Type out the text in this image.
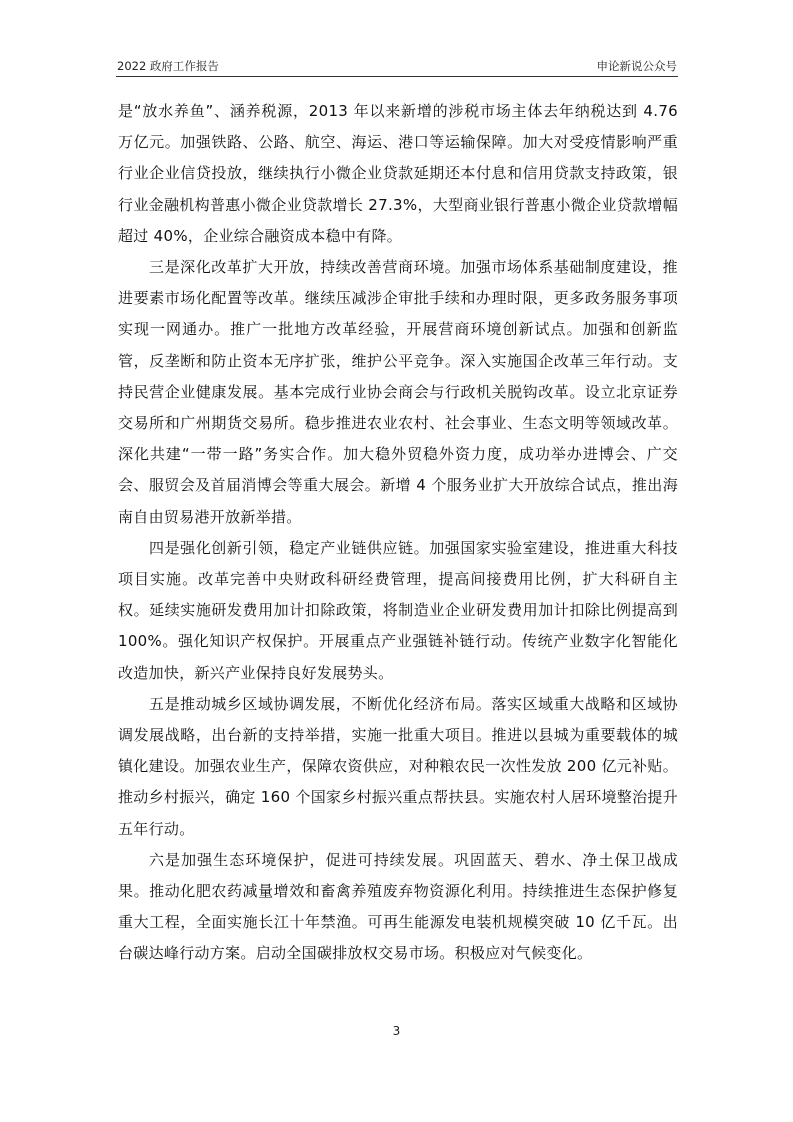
2022 政府工作报告	申论新说公众号

是“放水养鱼”、涵养税源，2013 年以来新增的涉税市场主体去年纳税达到 4.76 万亿元。加强铁路、公路、航空、海运、港口等运输保障。加大对受疫情影响严重行业企业信贷投放，继续执行小微企业贷款延期还本付息和信用贷款支持政策，银行业金融机构普惠小微企业贷款增长 27.3%，大型商业银行普惠小微企业贷款增幅超过 40%，企业综合融资成本稳中有降。

三是深化改革扩大开放，持续改善营商环境。加强市场体系基础制度建设，推进要素市场化配置等改革。继续压减涉企审批手续和办理时限，更多政务服务事项实现一网通办。推广一批地方改革经验，开展营商环境创新试点。加强和创新监管，反垄断和防止资本无序扩张，维护公平竞争。深入实施国企改革三年行动。支持民营企业健康发展。基本完成行业协会商会与行政机关脱钩改革。设立北京证券交易所和广州期货交易所。稳步推进农业农村、社会事业、生态文明等领域改革。深化共建“一带一路”务实合作。加大稳外贸稳外资力度，成功举办进博会、广交会、服贸会及首届消博会等重大展会。新增 4 个服务业扩大开放综合试点，推出海南自由贸易港开放新举措。

四是强化创新引领，稳定产业链供应链。加强国家实验室建设，推进重大科技项目实施。改革完善中央财政科研经费管理，提高间接费用比例，扩大科研自主权。延续实施研发费用加计扣除政策，将制造业企业研发费用加计扣除比例提高到 100%。强化知识产权保护。开展重点产业强链补链行动。传统产业数字化智能化改造加快，新兴产业保持良好发展势头。

五是推动城乡区域协调发展，不断优化经济布局。落实区域重大战略和区域协调发展战略，出台新的支持举措，实施一批重大项目。推进以县城为重要载体的城镇化建设。加强农业生产，保障农资供应，对种粮农民一次性发放 200 亿元补贴。推动乡村振兴，确定 160 个国家乡村振兴重点帮扶县。实施农村人居环境整治提升五年行动。

六是加强生态环境保护，促进可持续发展。巩固蓝天、碧水、净土保卫战成果。推动化肥农药减量增效和畜禽养殖废弃物资源化利用。持续推进生态保护修复重大工程，全面实施长江十年禁渔。可再生能源发电装机规模突破 10 亿千瓦。出台碳达峰行动方案。启动全国碳排放权交易市场。积极应对气候变化。

3
